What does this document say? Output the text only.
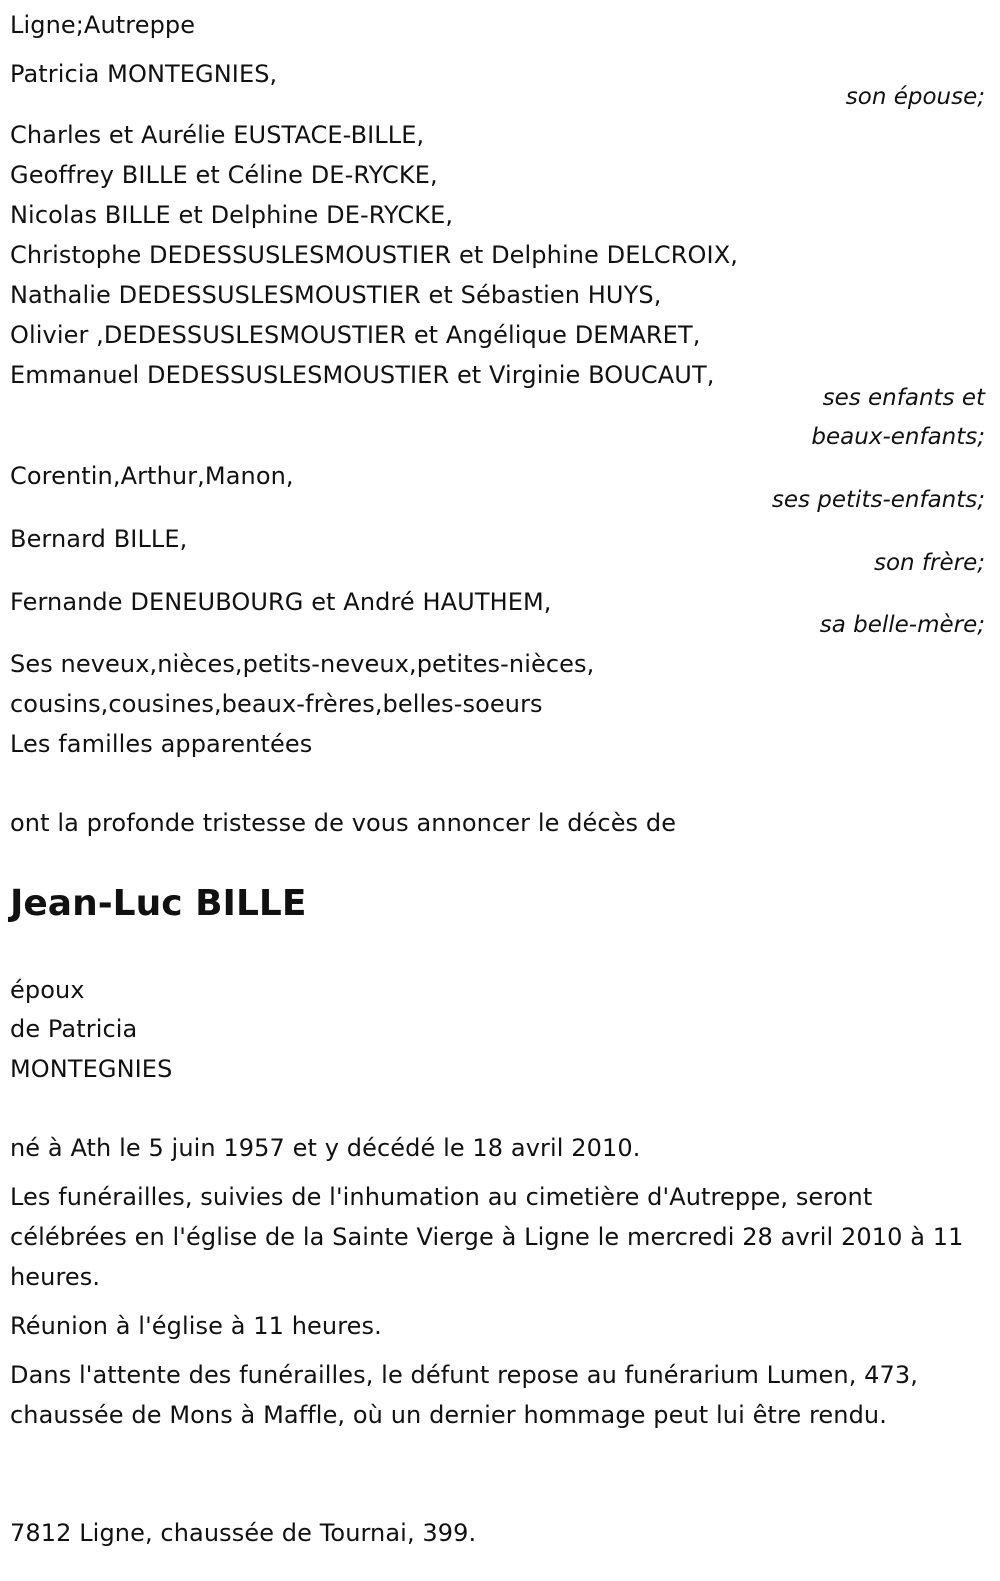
Ligne;Autreppe
Patricia MONTEGNIES,
son épouse;
Charles et Aurélie EUSTACE-BILLE,
Geoffrey BILLE et Céline DE-RYCKE,
Nicolas BILLE et Delphine DE-RYCKE,
Christophe DEDESSUSLESMOUSTIER et Delphine DELCROIX,
Nathalie DEDESSUSLESMOUSTIER et Sébastien HUYS,
Olivier ,DEDESSUSLESMOUSTIER et Angélique DEMARET,
Emmanuel DEDESSUSLESMOUSTIER et Virginie BOUCAUT,
ses enfants et
beaux-enfants;
Corentin,Arthur,Manon,
ses petits-enfants;
Bernard BILLE,
son frère;
Fernande DENEUBOURG et André HAUTHEM,
sa belle-mère;
Ses neveux,nièces,petits-neveux,petites-nièces,
cousins,cousines,beaux-frères,belles-soeurs
Les familles apparentées
ont la profonde tristesse de vous annoncer le décès de
Jean-Luc BILLE
époux
de Patricia
MONTEGNIES
né à Ath le 5 juin 1957 et y décédé le 18 avril 2010.
Les funérailles, suivies de l'inhumation au cimetière d'Autreppe, seront célébrées en l'église de la Sainte Vierge à Ligne le mercredi 28 avril 2010 à 11 heures.
Réunion à l'église à 11 heures.
Dans l'attente des funérailles, le défunt repose au funérarium Lumen, 473, chaussée de Mons à Maffle, où un dernier hommage peut lui être rendu.
7812 Ligne, chaussée de Tournai, 399.
